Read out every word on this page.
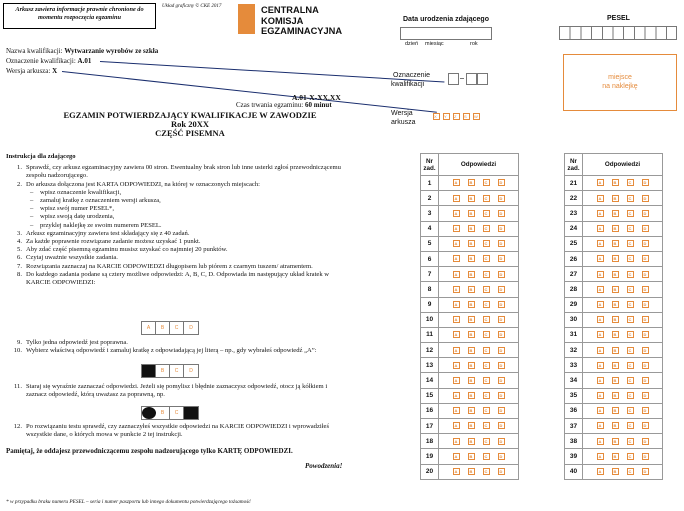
Arkusz zawiera informacje prawnie chronione do momentu rozpoczęcia egzaminu
Układ graficzny © CKE 2017	CENTRALNA
KOMISJA
EGZAMINACYJNA
Data urodzenia zdającego
dzień miesiąc	rok
PESEL
miejsce
na naklejkę
Nazwa kwalifikacji: Wytwarzanie wyrobów ze szkła
Oznaczenie kwalifikacji: A.01
Wersja arkusza: X
Oznaczenie
kwalifikacji
Wersja
arkusza
X Y Z S W
A.01-X-XX.XX
Czas trwania egzaminu: 60 minut
EGZAMIN POTWIERDZAJĄCY KWALIFIKACJE W ZAWODZIE
Rok 20XX
CZĘŚĆ PISEMNA
Instrukcja dla zdającego
1. Sprawdź, czy arkusz egzaminacyjny zawiera 00 stron. Ewentualny brak stron lub inne usterki zgłoś przewodniczącemu zespołu nadzorującego.
2. Do arkusza dołączona jest KARTA ODPOWIEDZI, na której w oznaczonych miejscach:
–	wpisz oznaczenie kwalifikacji,
–	zamaluj kratkę z oznaczeniem wersji arkusza,
–	wpisz swój numer PESEL*,
–	wpisz swoją datę urodzenia,
–	przyklej naklejkę ze swoim numerem PESEL.
3. Arkusz egzaminacyjny zawiera test składający się z 40 zadań.
4. Za każde poprawnie rozwiązane zadanie możesz uzyskać 1 punkt.
5. Aby zdać część pisemną egzaminu musisz uzyskać co najmniej 20 punktów.
6. Czytaj uważnie wszystkie zadania.
7. Rozwiązania zaznaczaj na KARCIE ODPOWIEDZI długopisem lub piórem z czarnym tuszem/ atramentem.
8. Do każdego zadania podane są cztery możliwe odpowiedzi: A, B, C, D. Odpowiada im następujący układ kratek w KARCIE ODPOWIEDZI:
A	B	C	D
9. Tylko jedna odpowiedź jest poprawna.
10. Wybierz właściwą odpowiedź i zamaluj kratkę z odpowiadającą jej literą – np., gdy wybrałeś odpowiedź „A”:
B	C	D
11. Staraj się wyraźnie zaznaczać odpowiedzi. Jeżeli się pomylisz i błędnie zaznaczysz odpowiedź, otocz ją kółkiem i zaznacz odpowiedź, którą uważasz za poprawną, np.
B	C
12. Po rozwiązaniu testu sprawdź, czy zaznaczyłeś wszystkie odpowiedzi na KARCIE ODPOWIEDZI i wprowadziłeś wszystkie dane, o których mowa w punkcie 2 tej instrukcji.
Pamiętaj, że oddajesz przewodniczącemu zespołu nadzorującego tylko KARTĘ ODPOWIEDZI.
Powodzenia!
* w przypadku braku numeru PESEL – seria i numer paszportu lub innego dokumentu potwierdzającego tożsamość
Nr zad.	Odpowiedzi
1	A B C D
2	A B C D
3	A B C D
4	A B C D
5	A B C D
6	A B C D
7	A B C D
8	A B C D
9	A B C D
10	A B C D
11	A B C D
12	A B C D
13	A B C D
14	A B C D
15	A B C D
16	A B C D
17	A B C D
18	A B C D
19	A B C D
20	A B C D
Nr zad.	Odpowiedzi
21	A B C D
22	A B C D
23	A B C D
24	A B C D
25	A B C D
26	A B C D
27	A B C D
28	A B C D
29	A B C D
30	A B C D
31	A B C D
32	A B C D
33	A B C D
34	A B C D
35	A B C D
36	A B C D
37	A B C D
38	A B C D
39	A B C D
40	A B C D
